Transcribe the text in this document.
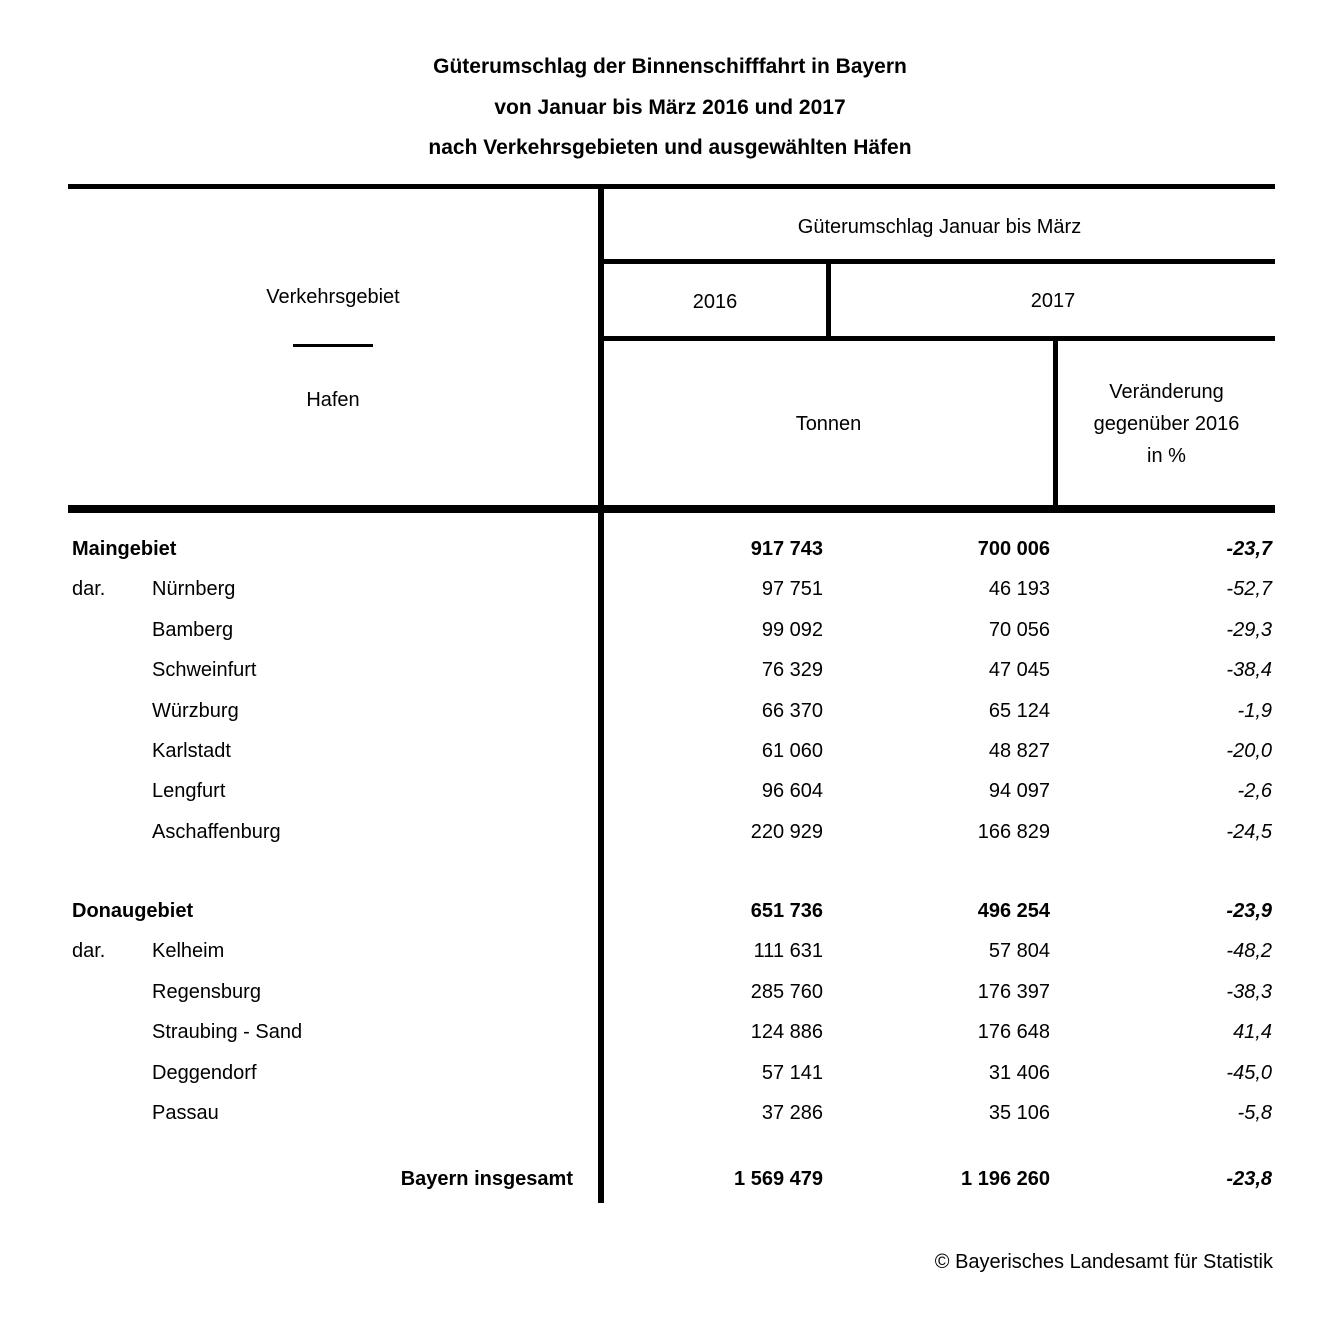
Güterumschlag der Binnenschifffahrt in Bayern
von Januar bis März 2016 und 2017
nach Verkehrsgebieten und ausgewählten Häfen
Verkehrsgebiet
Hafen
Güterumschlag Januar bis März
2016	2017
Tonnen
Veränderung
gegenüber 2016
in %
Maingebiet	917 743	700 006	-23,7
dar. Nürnberg	97 751	46 193	-52,7
Bamberg	99 092	70 056	-29,3
Schweinfurt	76 329	47 045	-38,4
Würzburg	66 370	65 124	-1,9
Karlstadt	61 060	48 827	-20,0
Lengfurt	96 604	94 097	-2,6
Aschaffenburg	220 929	166 829	-24,5
Donaugebiet	651 736	496 254	-23,9
dar. Kelheim	111 631	57 804	-48,2
Regensburg	285 760	176 397	-38,3
Straubing - Sand	124 886	176 648	41,4
Deggendorf	57 141	31 406	-45,0
Passau	37 286	35 106	-5,8
Bayern insgesamt	1 569 479	1 196 260	-23,8
© Bayerisches Landesamt für Statistik
